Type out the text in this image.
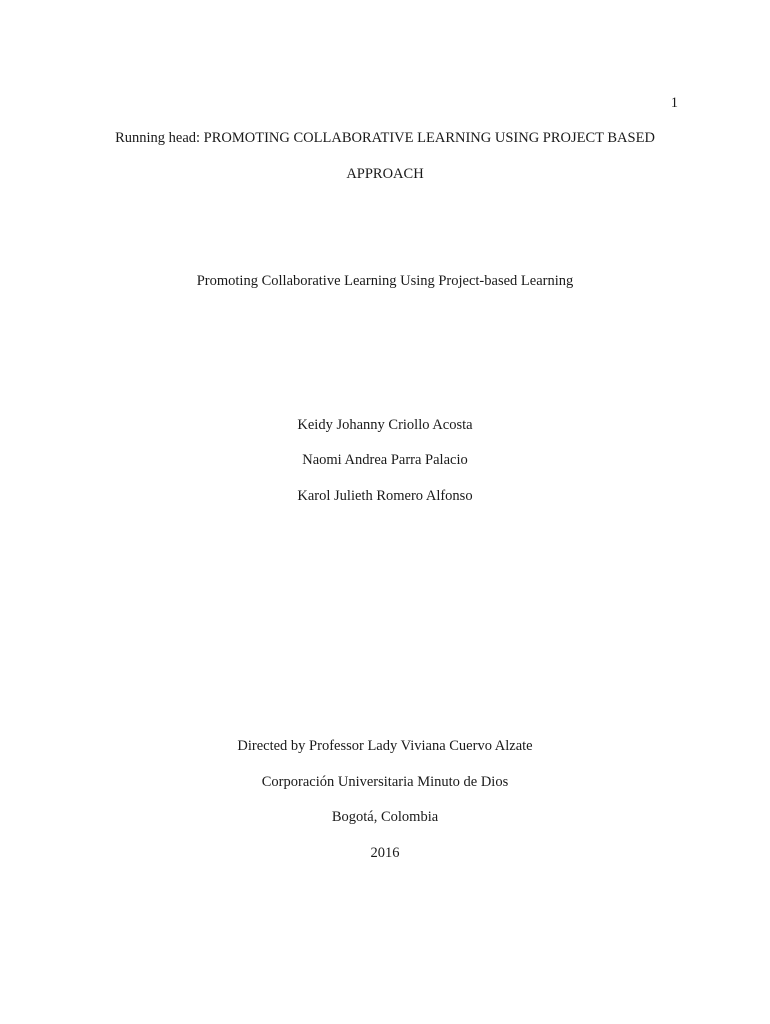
1
Running head: PROMOTING COLLABORATIVE LEARNING USING PROJECT BASED
APPROACH
Promoting Collaborative Learning Using Project-based Learning
Keidy Johanny Criollo Acosta
Naomi Andrea Parra Palacio
Karol Julieth Romero Alfonso
Directed by Professor Lady Viviana Cuervo Alzate
Corporación Universitaria Minuto de Dios
Bogotá, Colombia
2016
